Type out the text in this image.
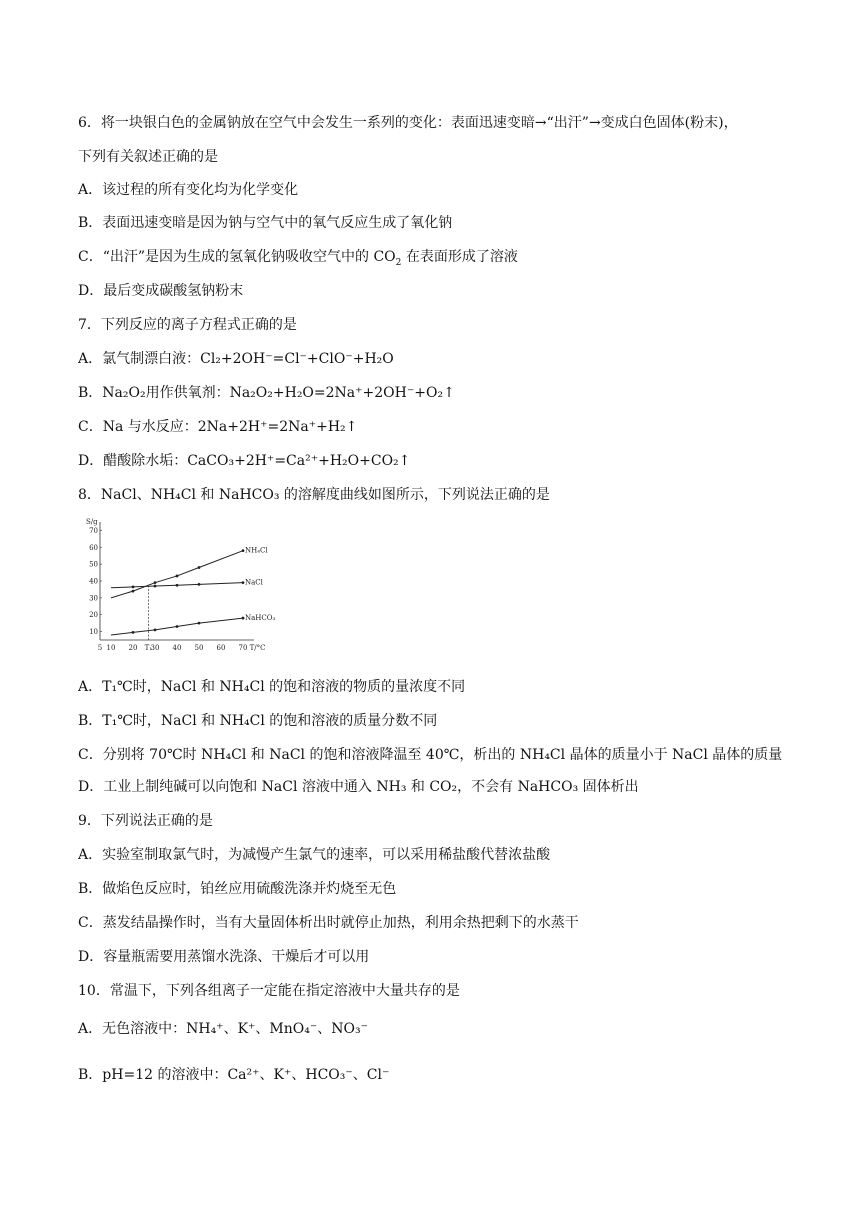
6．将一块银白色的金属钠放在空气中会发生一系列的变化：表面迅速变暗→“出汗”→变成白色固体(粉末)，
下列有关叙述正确的是
A．该过程的所有变化均为化学变化
B．表面迅速变暗是因为钠与空气中的氧气反应生成了氧化钠
C．“出汗”是因为生成的氢氧化钠吸收空气中的 $CO_2$ 在表面形成了溶液
D．最后变成碳酸氢钠粉末
7．下列反应的离子方程式正确的是
A．氯气制漂白液：Cl₂+2OH⁻=Cl⁻+ClO⁻+H₂O
B．Na₂O₂用作供氧剂：Na₂O₂+H₂O=2Na⁺+2OH⁻+O₂↑
C．Na 与水反应：2Na+2H⁺=2Na⁺+H₂↑
D．醋酸除水垢：CaCO₃+2H⁺=Ca²⁺+H₂O+CO₂↑
8．NaCl、NH₄Cl 和 NaHCO₃ 的溶解度曲线如图所示，下列说法正确的是
S/g
10
20
30
40
50
60
70
5 10 20 T₁
30 40 50 60 70 T/°C
NH₄Cl
NaCl
NaHCO₃
A．T₁℃时，NaCl 和 NH₄Cl 的饱和溶液的物质的量浓度不同
B．T₁℃时，NaCl 和 NH₄Cl 的饱和溶液的质量分数不同
C．分别将 70℃时 NH₄Cl 和 NaCl 的饱和溶液降温至 40℃，析出的 NH₄Cl 晶体的质量小于 NaCl 晶体的质量
D．工业上制纯碱可以向饱和 NaCl 溶液中通入 NH₃ 和 CO₂，不会有 NaHCO₃ 固体析出
9．下列说法正确的是
A．实验室制取氯气时，为减慢产生氯气的速率，可以采用稀盐酸代替浓盐酸
B．做焰色反应时，铂丝应用硫酸洗涤并灼烧至无色
C．蒸发结晶操作时，当有大量固体析出时就停止加热，利用余热把剩下的水蒸干
D．容量瓶需要用蒸馏水洗涤、干燥后才可以用
10．常温下，下列各组离子一定能在指定溶液中大量共存的是
A．无色溶液中：NH₄⁺、K⁺、MnO₄⁻、NO₃⁻
B．pH=12 的溶液中：Ca²⁺、K⁺、HCO₃⁻、Cl⁻
